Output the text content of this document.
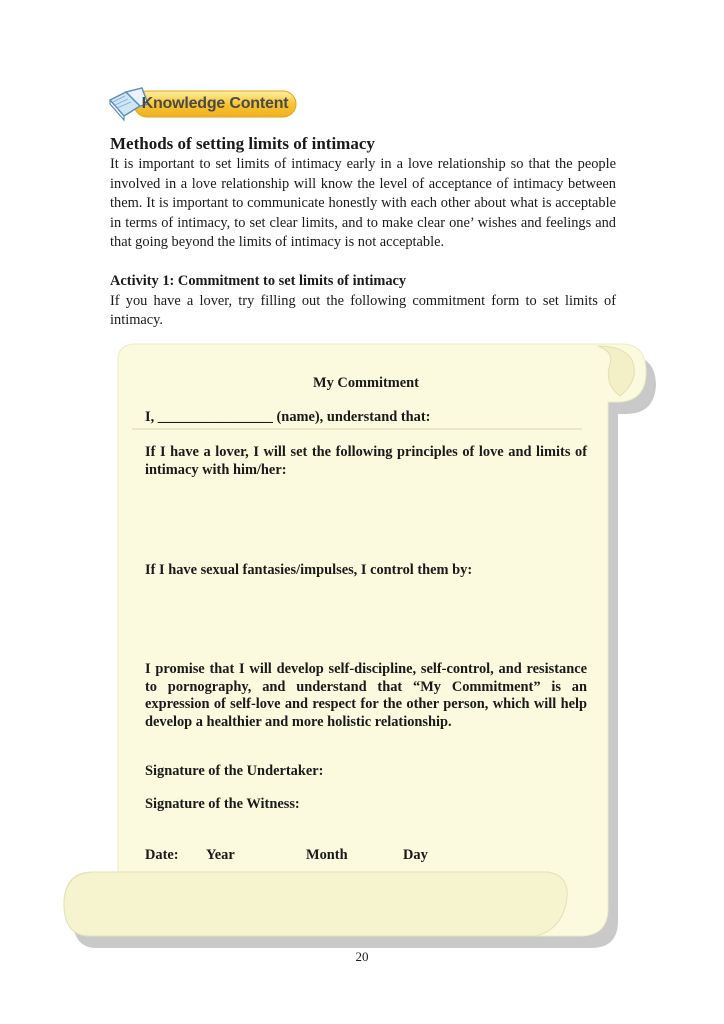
Knowledge Content
Methods of setting limits of intimacy

It is important to set limits of intimacy early in a love relationship so that the people involved in a love relationship will know the level of acceptance of intimacy between them. It is important to communicate honestly with each other about what is acceptable in terms of intimacy, to set clear limits, and to make clear one’ wishes and feelings and that going beyond the limits of intimacy is not acceptable.

Activity 1: Commitment to set limits of intimacy

If you have a lover, try filling out the following commitment form to set limits of intimacy.

My Commitment
I, ________________ (name), understand that:
If I have a lover, I will set the following principles of love and limits of intimacy with him/her:
If I have sexual fantasies/impulses, I control them by:
I promise that I will develop self-discipline, self-control, and resistance to pornography, and understand that “My Commitment” is an expression of self-love and respect for the other person, which will help develop a healthier and more holistic relationship.
Signature of the Undertaker:
Signature of the Witness:
Date: Year	Month	Day
20
